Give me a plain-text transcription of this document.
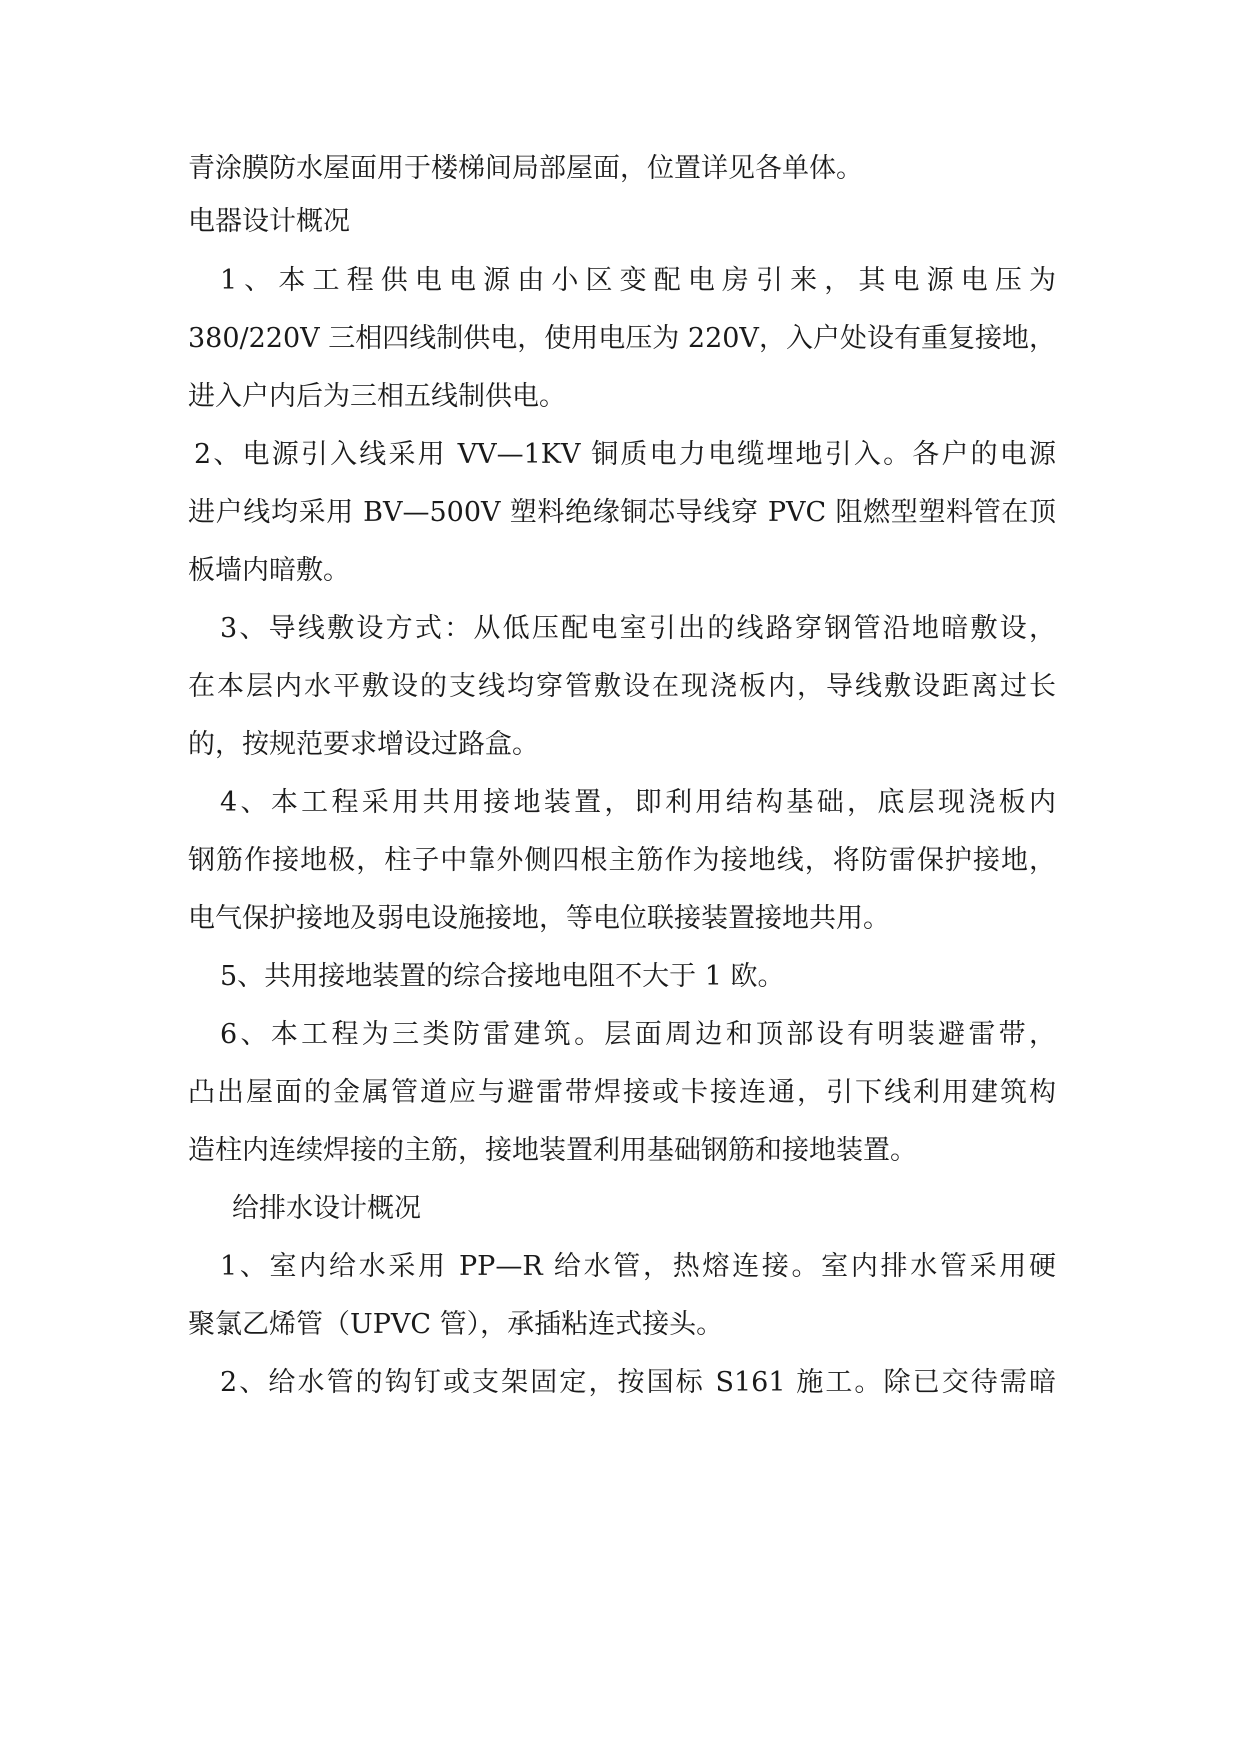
青涂膜防水屋面用于楼梯间局部屋面，位置详见各单体。
电器设计概况
1、本工程供电电源由小区变配电房引来，其电源电压为
380/220V 三相四线制供电，使用电压为 220V，入户处设有重复接地，
进入户内后为三相五线制供电。
2、电源引入线采用 VV—1KV 铜质电力电缆埋地引入。各户的电源
进户线均采用 BV—500V 塑料绝缘铜芯导线穿 PVC 阻燃型塑料管在顶
板墙内暗敷。
3、导线敷设方式：从低压配电室引出的线路穿钢管沿地暗敷设，
在本层内水平敷设的支线均穿管敷设在现浇板内，导线敷设距离过长
的，按规范要求增设过路盒。
4、本工程采用共用接地装置，即利用结构基础，底层现浇板内
钢筋作接地极，柱子中靠外侧四根主筋作为接地线，将防雷保护接地，
电气保护接地及弱电设施接地，等电位联接装置接地共用。
5、共用接地装置的综合接地电阻不大于 1 欧。
6、本工程为三类防雷建筑。层面周边和顶部设有明装避雷带，
凸出屋面的金属管道应与避雷带焊接或卡接连通，引下线利用建筑构
造柱内连续焊接的主筋，接地装置利用基础钢筋和接地装置。
给排水设计概况
1、室内给水采用 PP—R 给水管，热熔连接。室内排水管采用硬
聚氯乙烯管（UPVC 管），承插粘连式接头。
2、给水管的钩钉或支架固定，按国标 S161 施工。除已交待需暗
